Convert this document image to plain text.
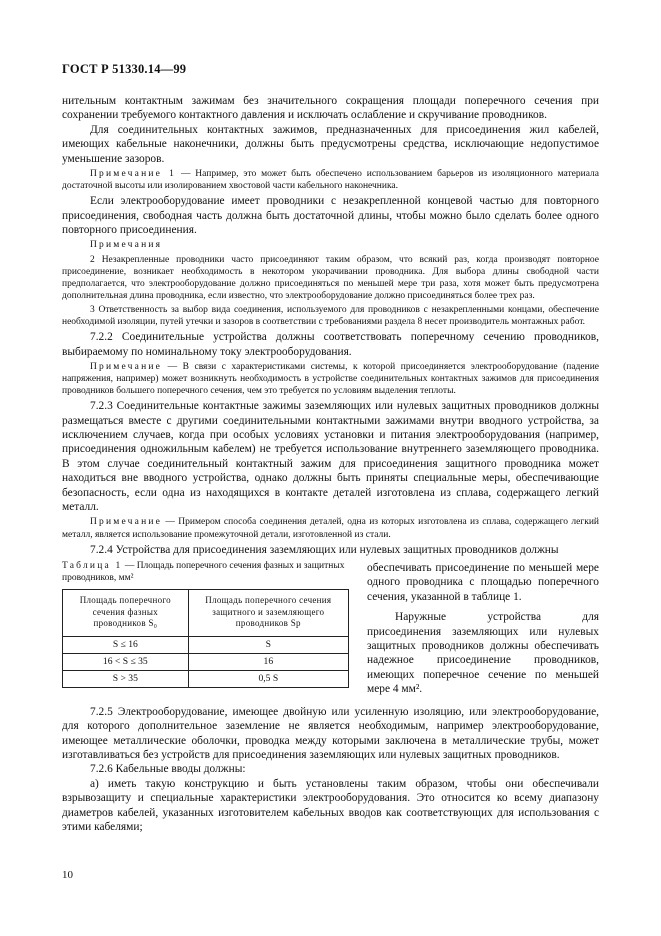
ГОСТ Р 51330.14—99

нительным контактным зажимам без значительного сокращения площади поперечного сечения при сохранении требуемого контактного давления и исключать ослабление и скручивание проводников.

Для соединительных контактных зажимов, предназначенных для присоединения жил кабелей, имеющих кабельные наконечники, должны быть предусмотрены средства, исключающие недопустимое уменьшение зазоров.

Примечание 1 — Например, это может быть обеспечено использованием барьеров из изоляционного материала достаточной высоты или изолированием хвостовой части кабельного наконечника.

Если электрооборудование имеет проводники с незакрепленной концевой частью для повторного присоединения, свободная часть должна быть достаточной длины, чтобы можно было сделать более одного повторного присоединения.

Примечания

2 Незакрепленные проводники часто присоединяют таким образом, что всякий раз, когда производят повторное присоединение, возникает необходимость в некотором укорачивании проводника. Для выбора длины свободной части предполагается, что электрооборудование должно присоединяться по меньшей мере три раза, хотя может быть предусмотрена дополнительная длина проводника, если известно, что электрооборудование должно присоединяться более трех раз.

3 Ответственность за выбор вида соединения, используемого для проводников с незакрепленными концами, обеспечение необходимой изоляции, путей утечки и зазоров в соответствии с требованиями раздела 8 несет производитель монтажных работ.

7.2.2 Соединительные устройства должны соответствовать поперечному сечению проводников, выбираемому по номинальному току электрооборудования.

Примечание — В связи с характеристиками системы, к которой присоединяется электрооборудование (падение напряжения, например) может возникнуть необходимость в устройстве соединительных контактных зажимов для присоединения проводников большего поперечного сечения, чем это требуется по условиям выделения теплоты.

7.2.3 Соединительные контактные зажимы заземляющих или нулевых защитных проводников должны размещаться вместе с другими соединительными контактными зажимами внутри вводного устройства, за исключением случаев, когда при особых условиях установки и питания электрооборудования (например, присоединения одножильным кабелем) не требуется использование внутреннего заземляющего проводника. В этом случае соединительный контактный зажим для присоединения защитного проводника может находиться вне вводного устройства, однако должны быть приняты специальные меры, обеспечивающие безопасность, если одна из находящихся в контакте деталей изготовлена из сплава, содержащего легкий металл.

Примечание — Примером способа соединения деталей, одна из которых изготовлена из сплава, содержащего легкий металл, является использование промежуточной детали, изготовленной из стали.

7.2.4 Устройства для присоединения заземляющих или нулевых защитных проводников должны

Таблица 1 — Площадь поперечного сечения фазных и защитных проводников, мм²
Площадь поперечного сечения фазных проводников S₀	Площадь поперечного сечения защитного и заземляющего проводников Sр
S ≤ 16	S
16 < S ≤ 35	16
S > 35	0,5 S

обеспечивать присоединение по меньшей мере одного проводника с площадью поперечного сечения, указанной в таблице 1.

Наружные устройства для присоединения заземляющих или нулевых защитных проводников должны обеспечивать надежное присоединение проводников, имеющих поперечное сечение по меньшей мере 4 мм².

7.2.5 Электрооборудование, имеющее двойную или усиленную изоляцию, или электрооборудование, для которого дополнительное заземление не является необходимым, например электрооборудование, имеющее металлические оболочки, проводка между которыми заключена в металлические трубы, может изготавливаться без устройств для присоединения заземляющих или нулевых защитных проводников.

7.2.6 Кабельные вводы должны:

а) иметь такую конструкцию и быть установлены таким образом, чтобы они обеспечивали взрывозащиту и специальные характеристики электрооборудования. Это относится ко всему диапазону диаметров кабелей, указанных изготовителем кабельных вводов как соответствующих для использования с этими кабелями;

10
